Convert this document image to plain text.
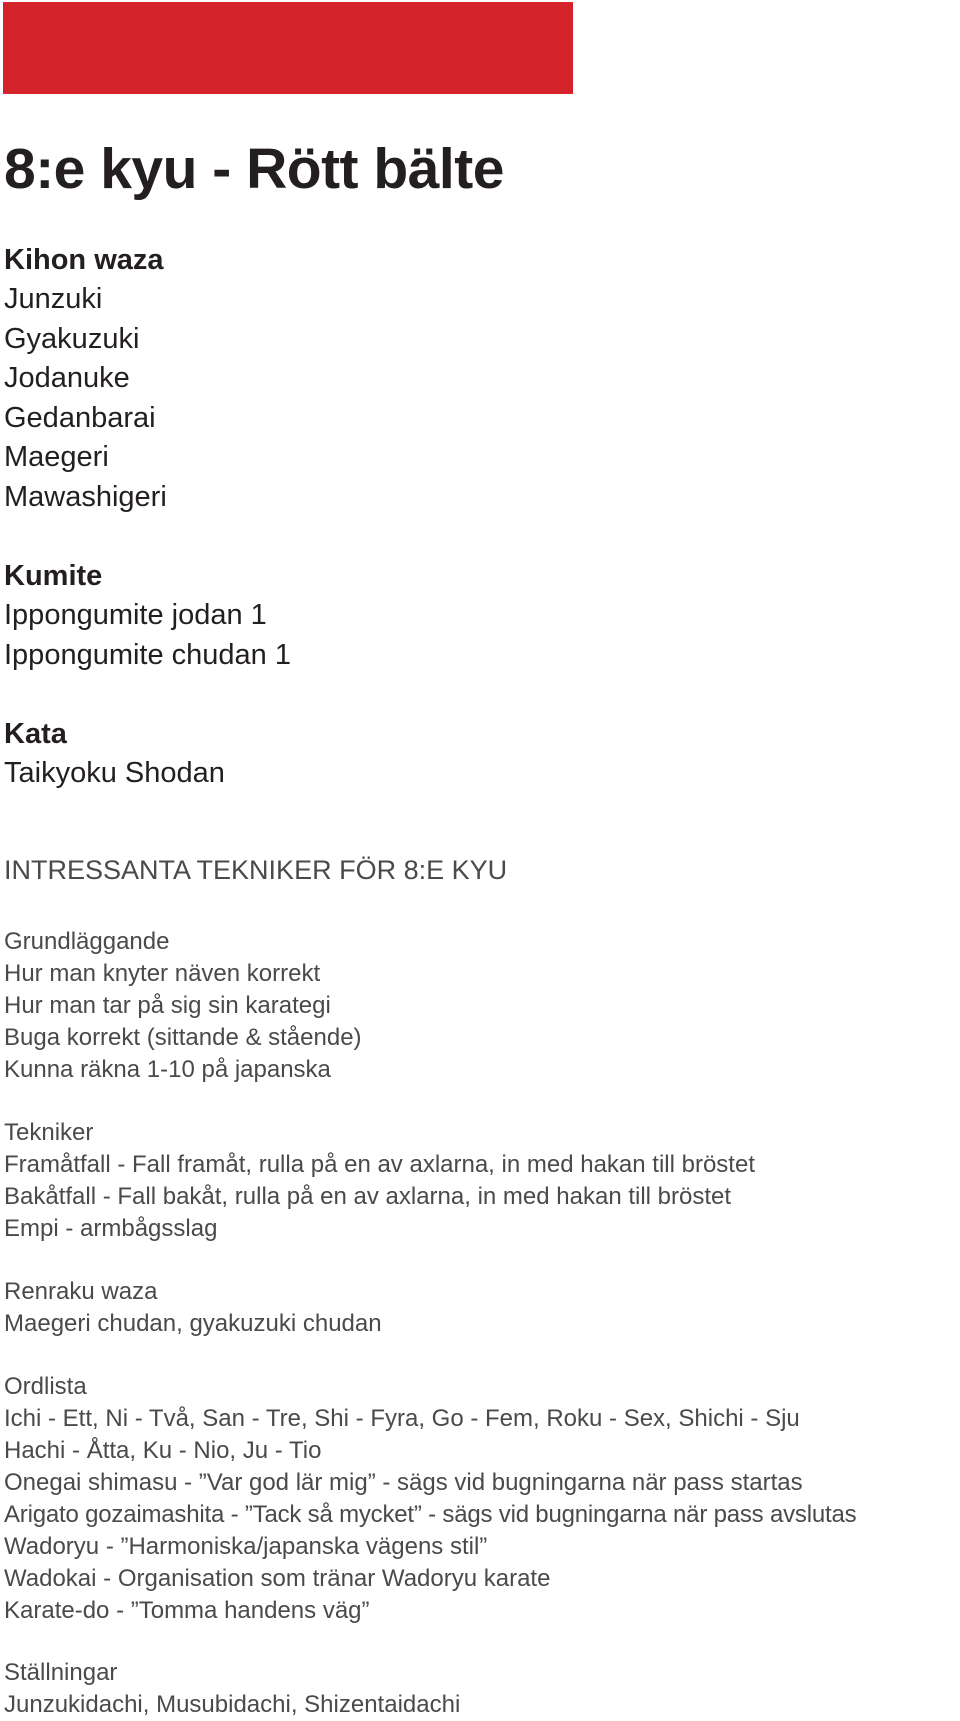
8:e kyu - Rött bälte
Kihon waza
Junzuki
Gyakuzuki
Jodanuke
Gedanbarai
Maegeri
Mawashigeri
Kumite
Ippongumite jodan 1
Ippongumite chudan 1
Kata
Taikyoku Shodan
INTRESSANTA TEKNIKER FÖR 8:E KYU
Grundläggande
Hur man knyter näven korrekt
Hur man tar på sig sin karategi
Buga korrekt (sittande & stående)
Kunna räkna 1-10 på japanska
Tekniker
Framåtfall - Fall framåt, rulla på en av axlarna, in med hakan till bröstet
Bakåtfall - Fall bakåt, rulla på en av axlarna, in med hakan till bröstet
Empi - armbågsslag
Renraku waza
Maegeri chudan, gyakuzuki chudan
Ordlista
Ichi - Ett, Ni - Två, San - Tre, Shi - Fyra, Go - Fem, Roku - Sex, Shichi - Sju
Hachi - Åtta, Ku - Nio, Ju - Tio
Onegai shimasu - ”Var god lär mig” - sägs vid bugningarna när pass startas
Arigato gozaimashita - ”Tack så mycket” - sägs vid bugningarna när pass avslutas
Wadoryu - ”Harmoniska/japanska vägens stil”
Wadokai - Organisation som tränar Wadoryu karate
Karate-do - ”Tomma handens väg”
Ställningar
Junzukidachi, Musubidachi, Shizentaidachi
